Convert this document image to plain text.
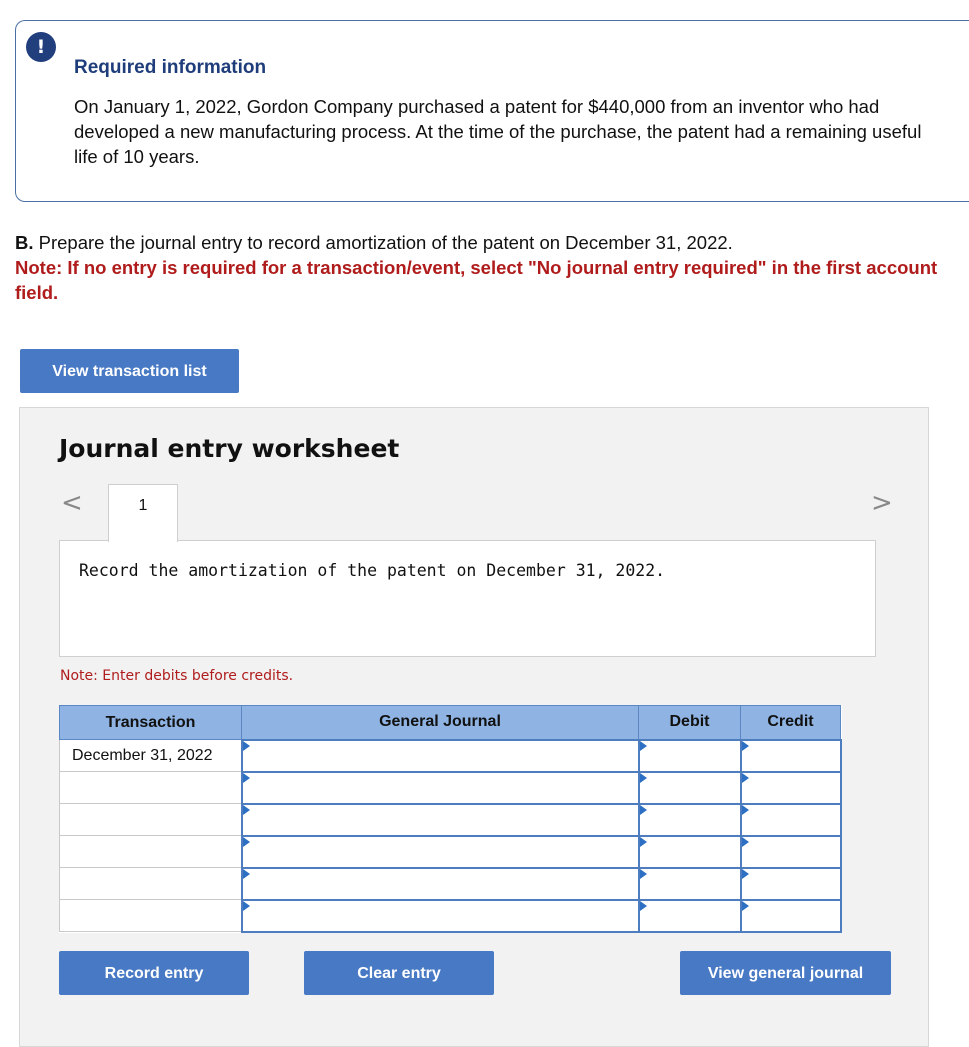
!
Required information
On January 1, 2022, Gordon Company purchased a patent for $440,000 from an inventor who had developed a new manufacturing process. At the time of the purchase, the patent had a remaining useful life of 10 years.
B. Prepare the journal entry to record amortization of the patent on December 31, 2022.
Note: If no entry is required for a transaction/event, select "No journal entry required" in the first account field.
View transaction list
Journal entry worksheet
<	1	>
Record the amortization of the patent on December 31, 2022.
Note: Enter debits before credits.
Transaction	General Journal	Debit	Credit
December 31, 2022			

Record entry	Clear entry	View general journal
